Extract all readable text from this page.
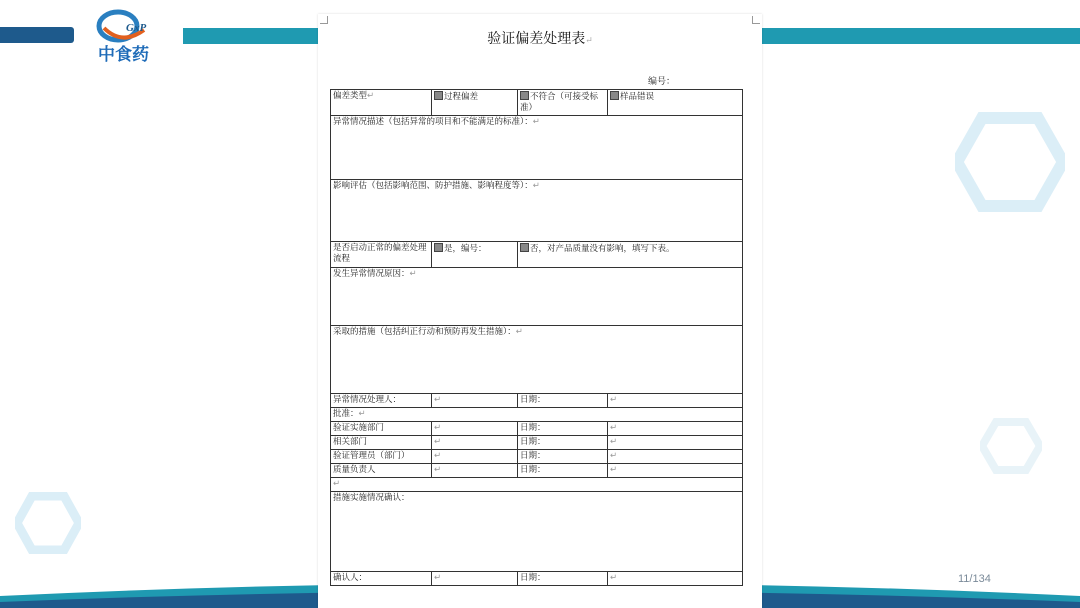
GxP
中食药
11/134
验证偏差处理表↵
编号：
偏差类型↵	过程偏差	不符合（可接受标准）	样品错误
异常情况描述（包括异常的项目和不能满足的标准）：↵			
影响评估（包括影响范围、防护措施、影响程度等）：↵			
是否启动正常的偏差处理流程	是，编号：	否，对产品质量没有影响，填写下表。	
发生异常情况原因：↵			
采取的措施（包括纠正行动和预防再发生措施）：↵			
异常情况处理人：	↵	日期：	↵
批准：↵			
验证实施部门	↵	日期：	↵
相关部门	↵	日期：	↵
验证管理员（部门）	↵	日期：	↵
质量负责人	↵	日期：	↵
↵			
措施实施情况确认：			
确认人：	↵	日期：	↵
